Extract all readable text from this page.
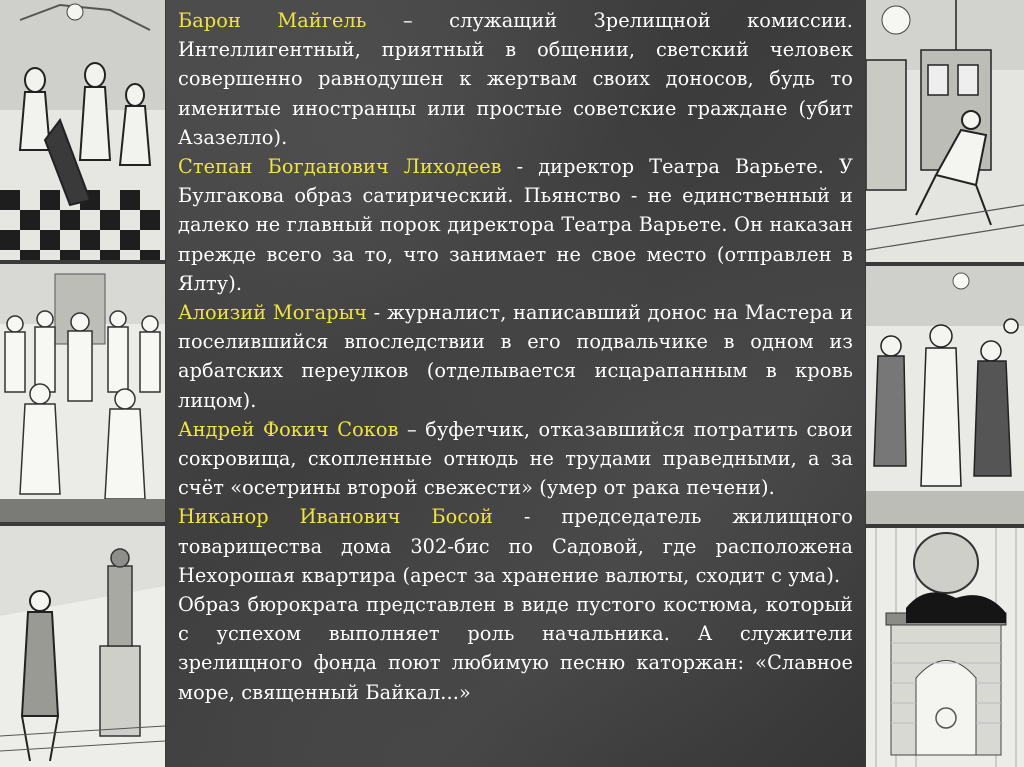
Барон Майгель – служащий Зрелищной комиссии. Интеллигентный, приятный в общении, светский человек совершенно равнодушен к жертвам своих доносов, будь то именитые иностранцы или простые советские граждане (убит Азазелло).

Степан Богданович Лиходеев - директор Театра Варьете. У Булгакова образ сатирический. Пьянство - не единственный и далеко не главный порок директора Театра Варьете. Он наказан прежде всего за то, что занимает не свое место (отправлен в Ялту).

Алоизий Могарыч - журналист, написавший донос на Мастера и поселившийся впоследствии в его подвальчике в одном из арбатских переулков (отделывается исцарапанным в кровь лицом).

Андрей Фокич Соков – буфетчик, отказавшийся потратить свои сокровища, скопленные отнюдь не трудами праведными, а за счёт «осетрины второй свежести» (умер от рака печени).

Никанор Иванович Босой - председатель жилищного товарищества дома 302-бис по Садовой, где расположена Нехорошая квартира (арест за хранение валюты, сходит с ума).

Образ бюрократа представлен в виде пустого костюма, который с успехом выполняет роль начальника. А служители зрелищного фонда поют любимую песню каторжан: «Славное море, священный Байкал...»
